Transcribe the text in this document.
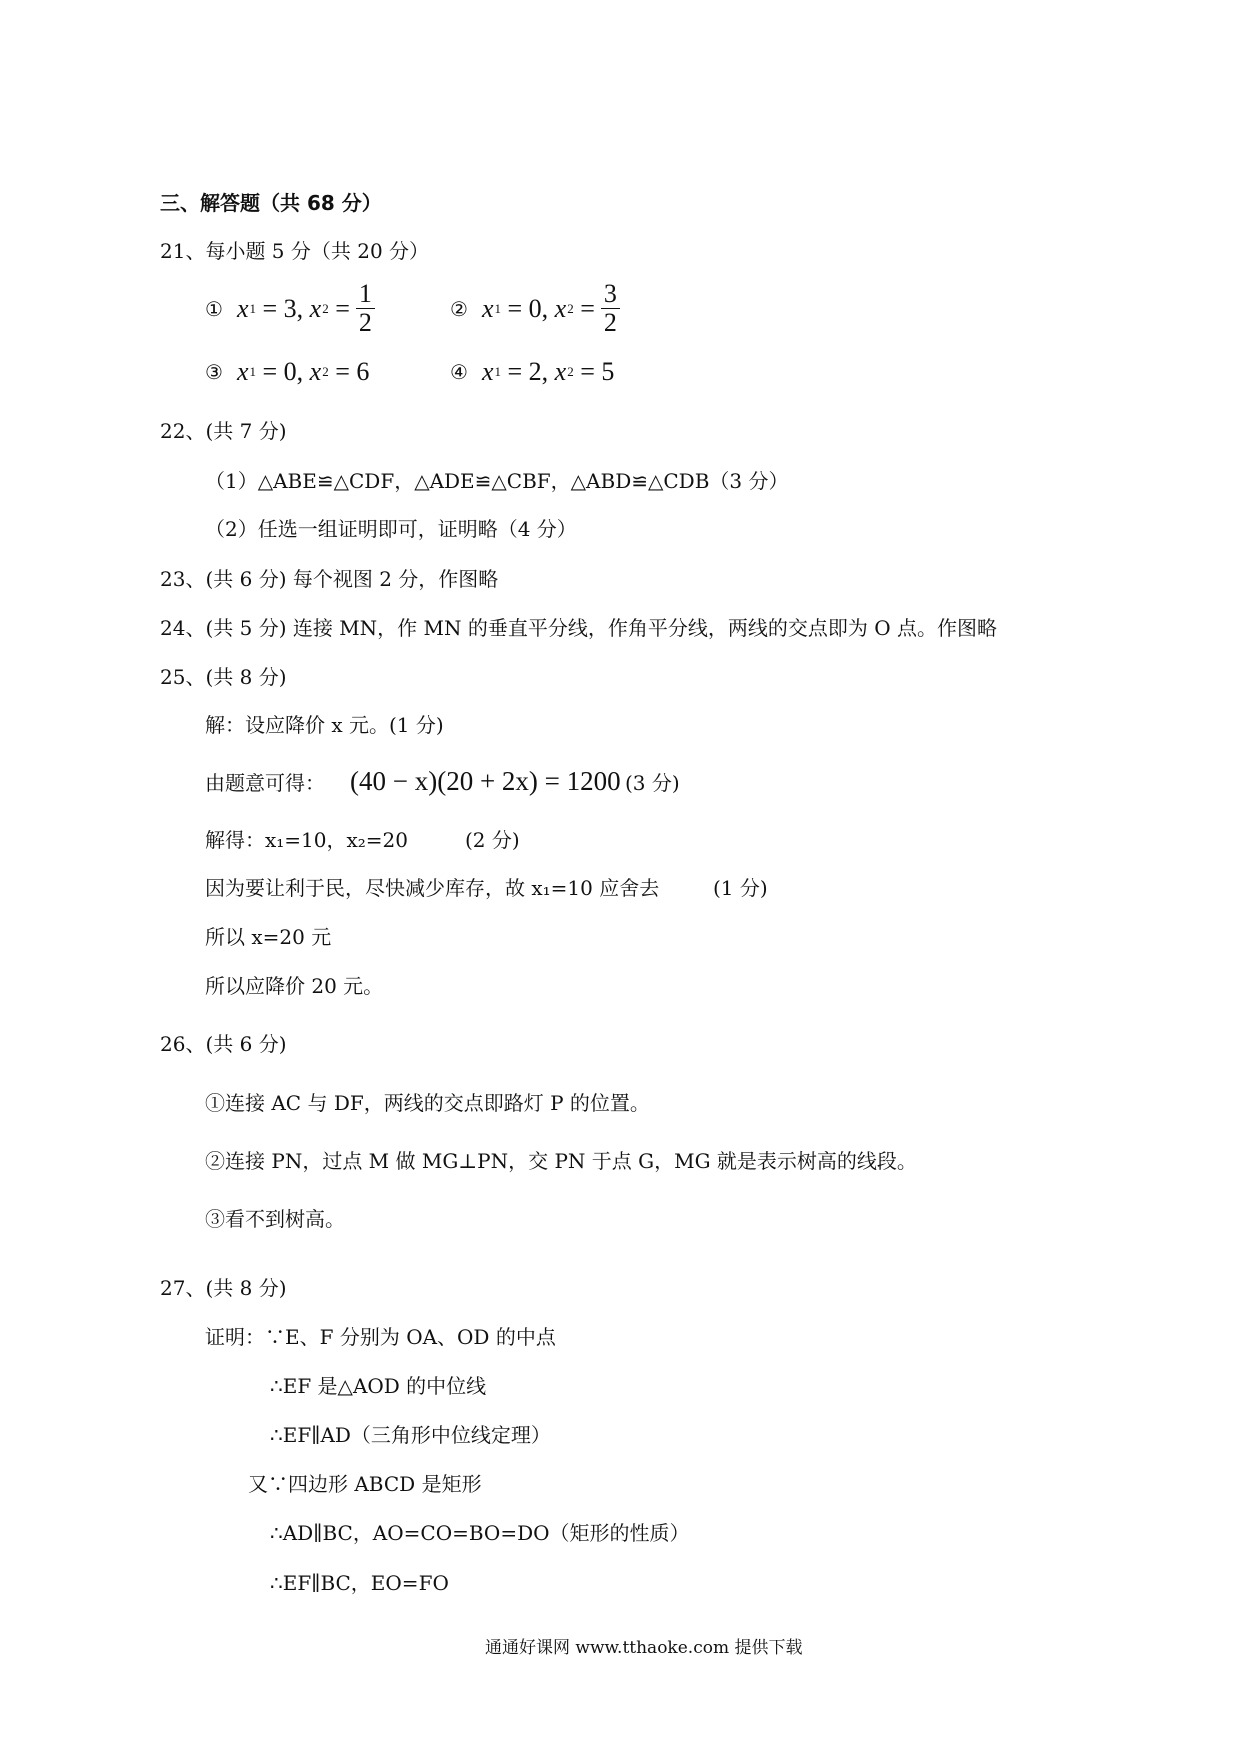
三、解答题（共 68 分）
21、每小题 5 分（共 20 分）
① x 1 = 3 , x $2 = \frac{1}{2}$	② x 1 = 0 , x $2 = \frac{3}{2}$
③ x 1 = 0 , x 2 = 6	④ x 1 = 2 , x 2 = 5
22、(共 7 分)
（1）△ABE≌△CDF，△ADE≌△CBF，△ABD≌△CDB（3 分）
（2）任选一组证明即可，证明略（4 分）
23、(共 6 分) 每个视图 2 分，作图略
24、(共 5 分) 连接 MN，作 MN 的垂直平分线，作角平分线，两线的交点即为 O 点。作图略
25、(共 8 分)
解：设应降价 x 元。(1 分)
由题意可得： (40 − x)(20 + 2x) = 1200 (3 分)
解得：x₁=10，x₂=20	(2 分)
因为要让利于民，尽快减少库存，故 x₁=10 应舍去	(1 分)
所以 x=20 元
所以应降价 20 元。
26、(共 6 分)
①连接 AC 与 DF，两线的交点即路灯 P 的位置。
②连接 PN，过点 M 做 MG⊥PN，交 PN 于点 G，MG 就是表示树高的线段。
③看不到树高。
27、(共 8 分)
证明：∵E、F 分别为 OA、OD 的中点
∴EF 是△AOD 的中位线
∴EF∥AD（三角形中位线定理）
又∵四边形 ABCD 是矩形
∴AD∥BC，AO=CO=BO=DO（矩形的性质）
∴EF∥BC，EO=FO
通通好课网 www.tthaoke.com 提供下载
